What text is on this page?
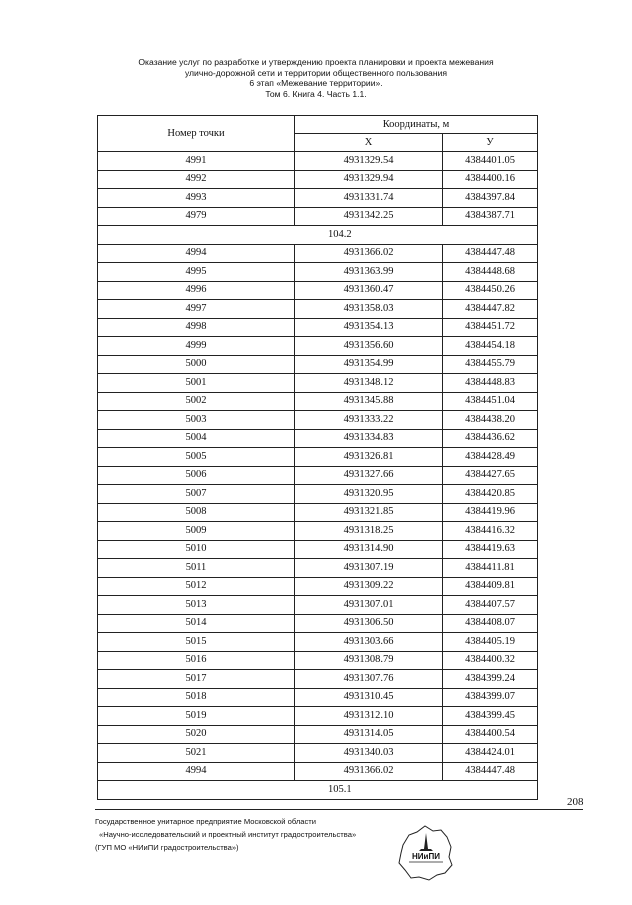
Оказание услуг по разработке и утверждению проекта планировки и проекта межевания
улично-дорожной сети и территории общественного пользования
6 этап «Межевание территории».
Том 6. Книга 4. Часть 1.1.
Номер точки	Координаты, м	
	X	У
4991	4931329.54	4384401.05
4992	4931329.94	4384400.16
4993	4931331.74	4384397.84
4979	4931342.25	4384387.71
104.2		
4994	4931366.02	4384447.48
4995	4931363.99	4384448.68
4996	4931360.47	4384450.26
4997	4931358.03	4384447.82
4998	4931354.13	4384451.72
4999	4931356.60	4384454.18
5000	4931354.99	4384455.79
5001	4931348.12	4384448.83
5002	4931345.88	4384451.04
5003	4931333.22	4384438.20
5004	4931334.83	4384436.62
5005	4931326.81	4384428.49
5006	4931327.66	4384427.65
5007	4931320.95	4384420.85
5008	4931321.85	4384419.96
5009	4931318.25	4384416.32
5010	4931314.90	4384419.63
5011	4931307.19	4384411.81
5012	4931309.22	4384409.81
5013	4931307.01	4384407.57
5014	4931306.50	4384408.07
5015	4931303.66	4384405.19
5016	4931308.79	4384400.32
5017	4931307.76	4384399.24
5018	4931310.45	4384399.07
5019	4931312.10	4384399.45
5020	4931314.05	4384400.54
5021	4931340.03	4384424.01
4994	4931366.02	4384447.48
105.1		
208
Государственное унитарное предприятие Московской области
«Научно-исследовательский и проектный институт градостроительства»
(ГУП МО «НИиПИ градостроительства»)
НИиПИ
